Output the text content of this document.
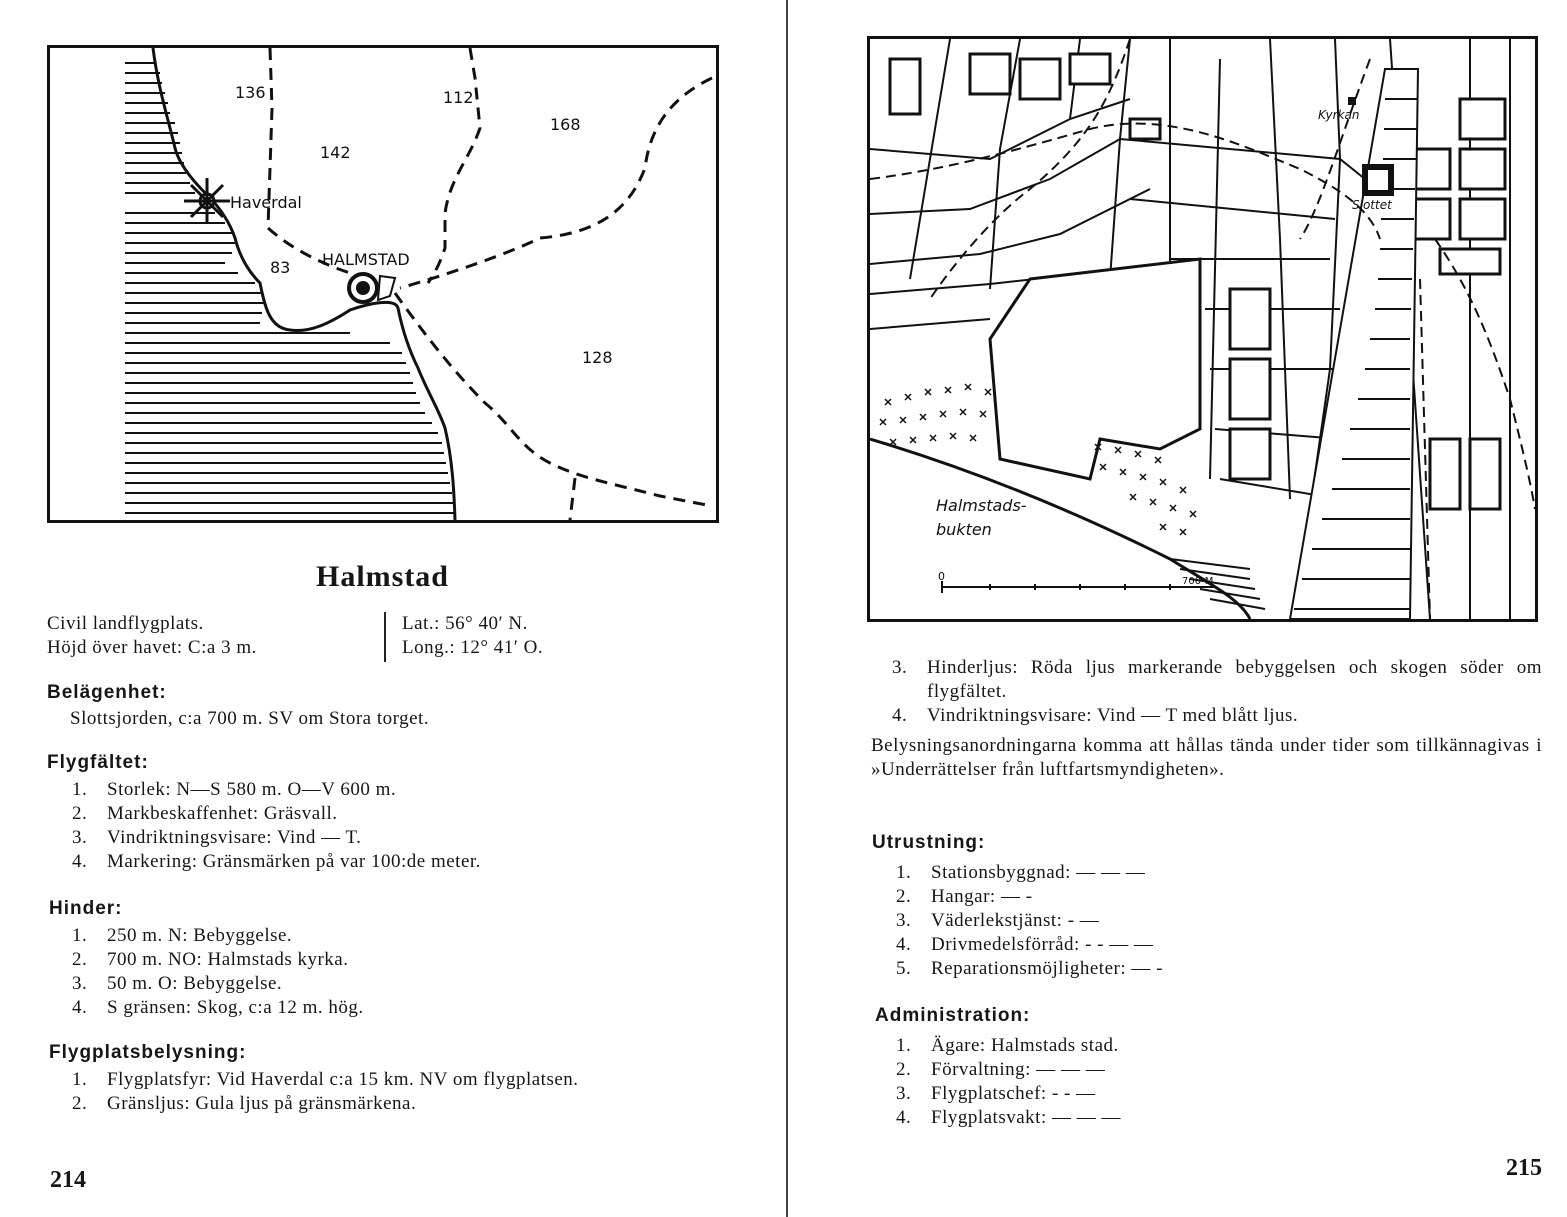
136	112
168
142
Haverdal
HALMSTAD
83
128
Halmstad
Civil landflygplats.
Höjd över havet: C:a 3 m.
Lat.: 56° 40′ N.
Long.: 12° 41′ O.
Belägenhet:
Slottsjorden, c:a 700 m. SV om Stora torget.
Flygfältet:
1. Storlek: N—S 580 m. O—V 600 m.
2. Markbeskaffenhet: Gräsvall.
3. Vindriktningsvisare: Vind — T.
4. Markering: Gränsmärken på var 100:de meter.
Hinder:
1. 250 m. N: Bebyggelse.
2. 700 m. NO: Halmstads kyrka.
3. 50 m. O: Bebyggelse.
4. S gränsen: Skog, c:a 12 m. hög.
Flygplatsbelysning:
1. Flygplatsfyr: Vid Haverdal c:a 15 km. NV om flygplatsen.
2. Gränsljus: Gula ljus på gränsmärkena.
214
Kyrkan
Slottet
Halmstads-
bukten
0	700-M
3. Hinderljus: Röda ljus markerande bebyggelsen och skogen söder om flygfältet.
4. Vindriktningsvisare: Vind — T med blått ljus.
Belysningsanordningarna komma att hållas tända under tider som tillkännagivas i »Underrättelser från luftfartsmyndigheten».
Utrustning:
1. Stationsbyggnad: — — —
2. Hangar: — -
3. Väderlekstjänst: - —
4. Drivmedelsförråd: - - — —
5. Reparationsmöjligheter: — -
Administration:
1. Ägare: Halmstads stad.
2. Förvaltning: — — —
3. Flygplatschef: - - —
4. Flygplatsvakt: — — —
215
